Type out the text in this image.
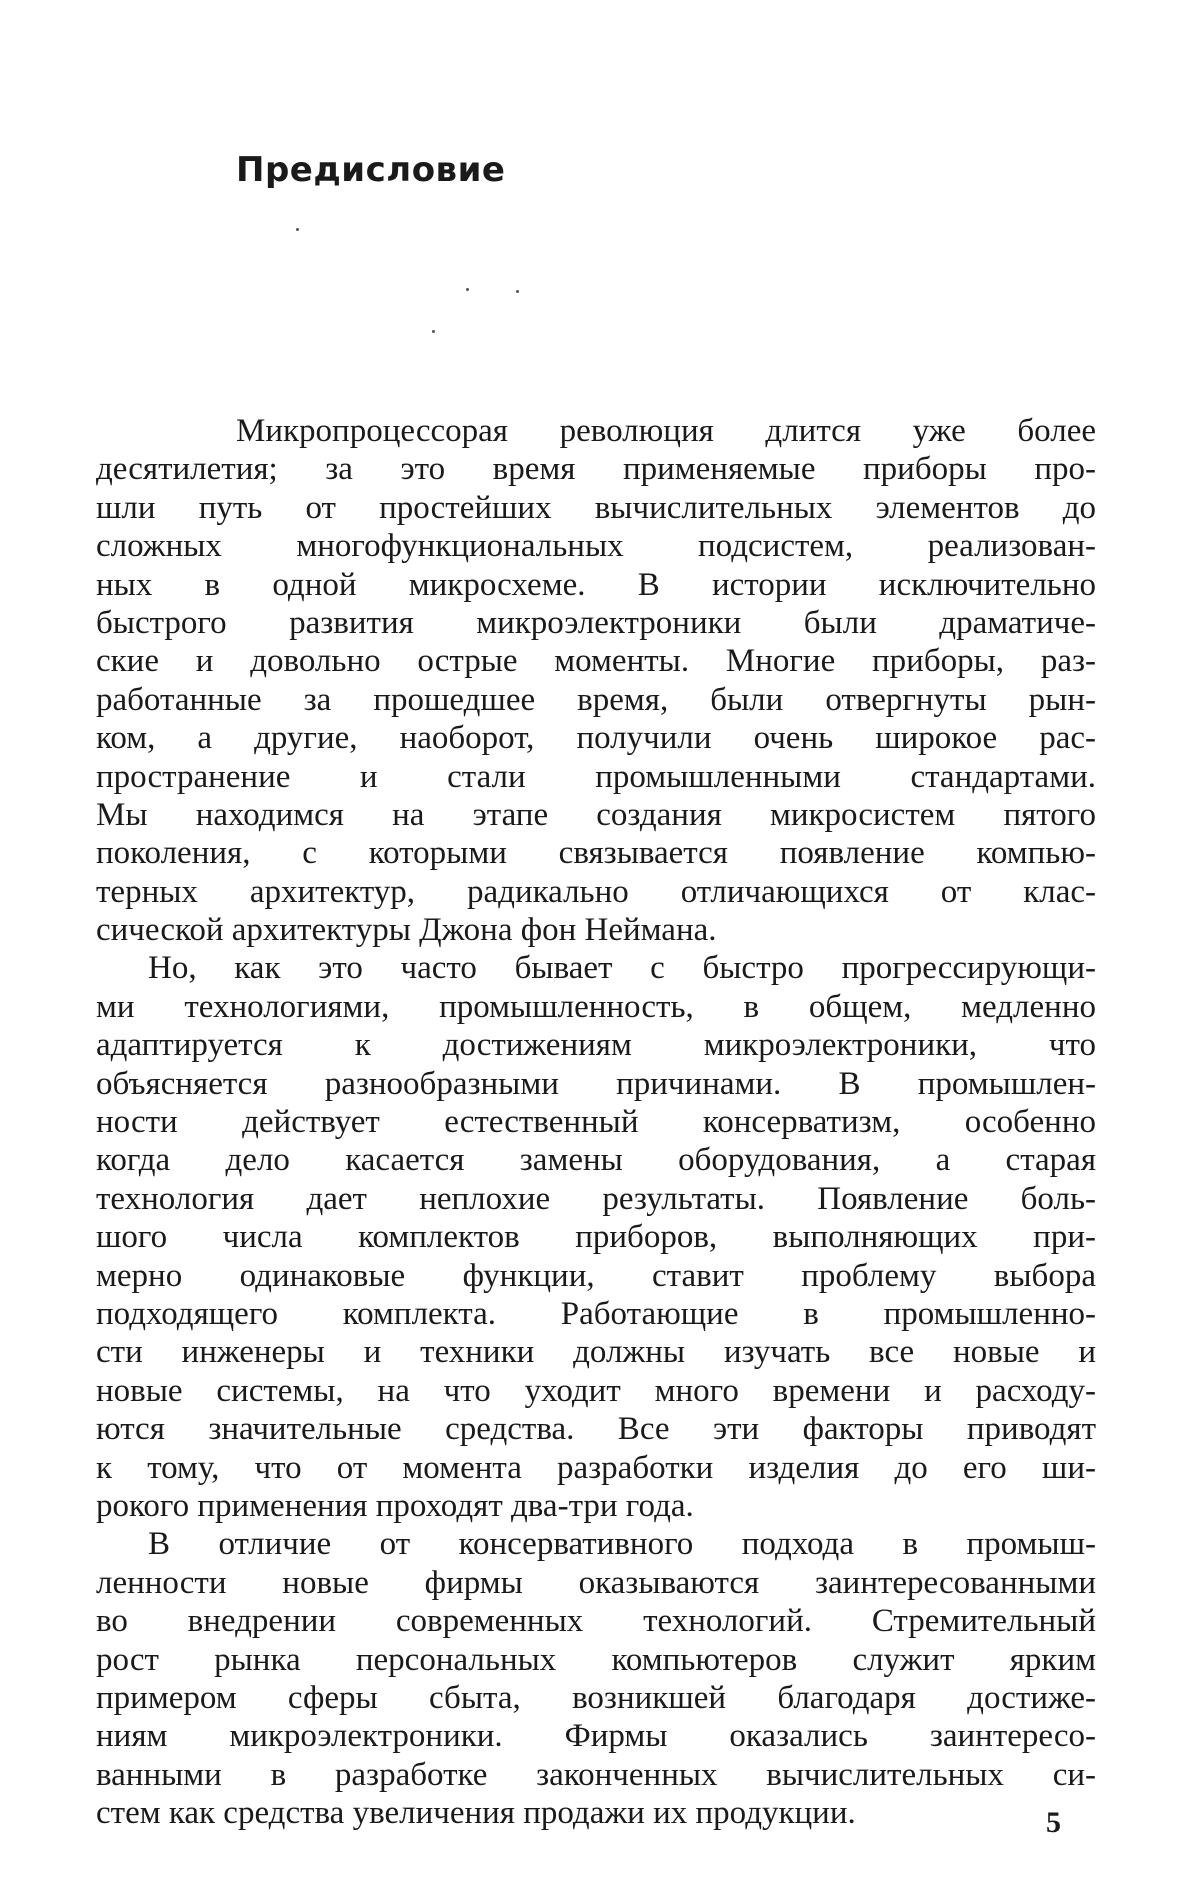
Предисловие
Микропроцессорая революция длится уже более
десятилетия; за это время применяемые приборы про-
шли путь от простейших вычислительных элементов до
сложных многофункциональных подсистем, реализован-
ных в одной микросхеме. В истории исключительно
быстрого развития микроэлектроники были драматиче-
ские и довольно острые моменты. Многие приборы, раз-
работанные за прошедшее время, были отвергнуты рын-
ком, а другие, наоборот, получили очень широкое рас-
пространение и стали промышленными стандартами.
Мы находимся на этапе создания микросистем пятого
поколения, с которыми связывается появление компью-
терных архитектур, радикально отличающихся от клас-
сической архитектуры Джона фон Неймана.
Но, как это часто бывает с быстро прогрессирующи-
ми технологиями, промышленность, в общем, медленно
адаптируется к достижениям микроэлектроники, что
объясняется разнообразными причинами. В промышлен-
ности действует естественный консерватизм, особенно
когда дело касается замены оборудования, а старая
технология дает неплохие результаты. Появление боль-
шого числа комплектов приборов, выполняющих при-
мерно одинаковые функции, ставит проблему выбора
подходящего комплекта. Работающие в промышленно-
сти инженеры и техники должны изучать все новые и
новые системы, на что уходит много времени и расходу-
ются значительные средства. Все эти факторы приводят
к тому, что от момента разработки изделия до его ши-
рокого применения проходят два-три года.
В отличие от консервативного подхода в промыш-
ленности новые фирмы оказываются заинтересованными
во внедрении современных технологий. Стремительный
рост рынка персональных компьютеров служит ярким
примером сферы сбыта, возникшей благодаря достиже-
ниям микроэлектроники. Фирмы оказались заинтересо-
ванными в разработке законченных вычислительных си-
стем как средства увеличения продажи их продукции.	5
